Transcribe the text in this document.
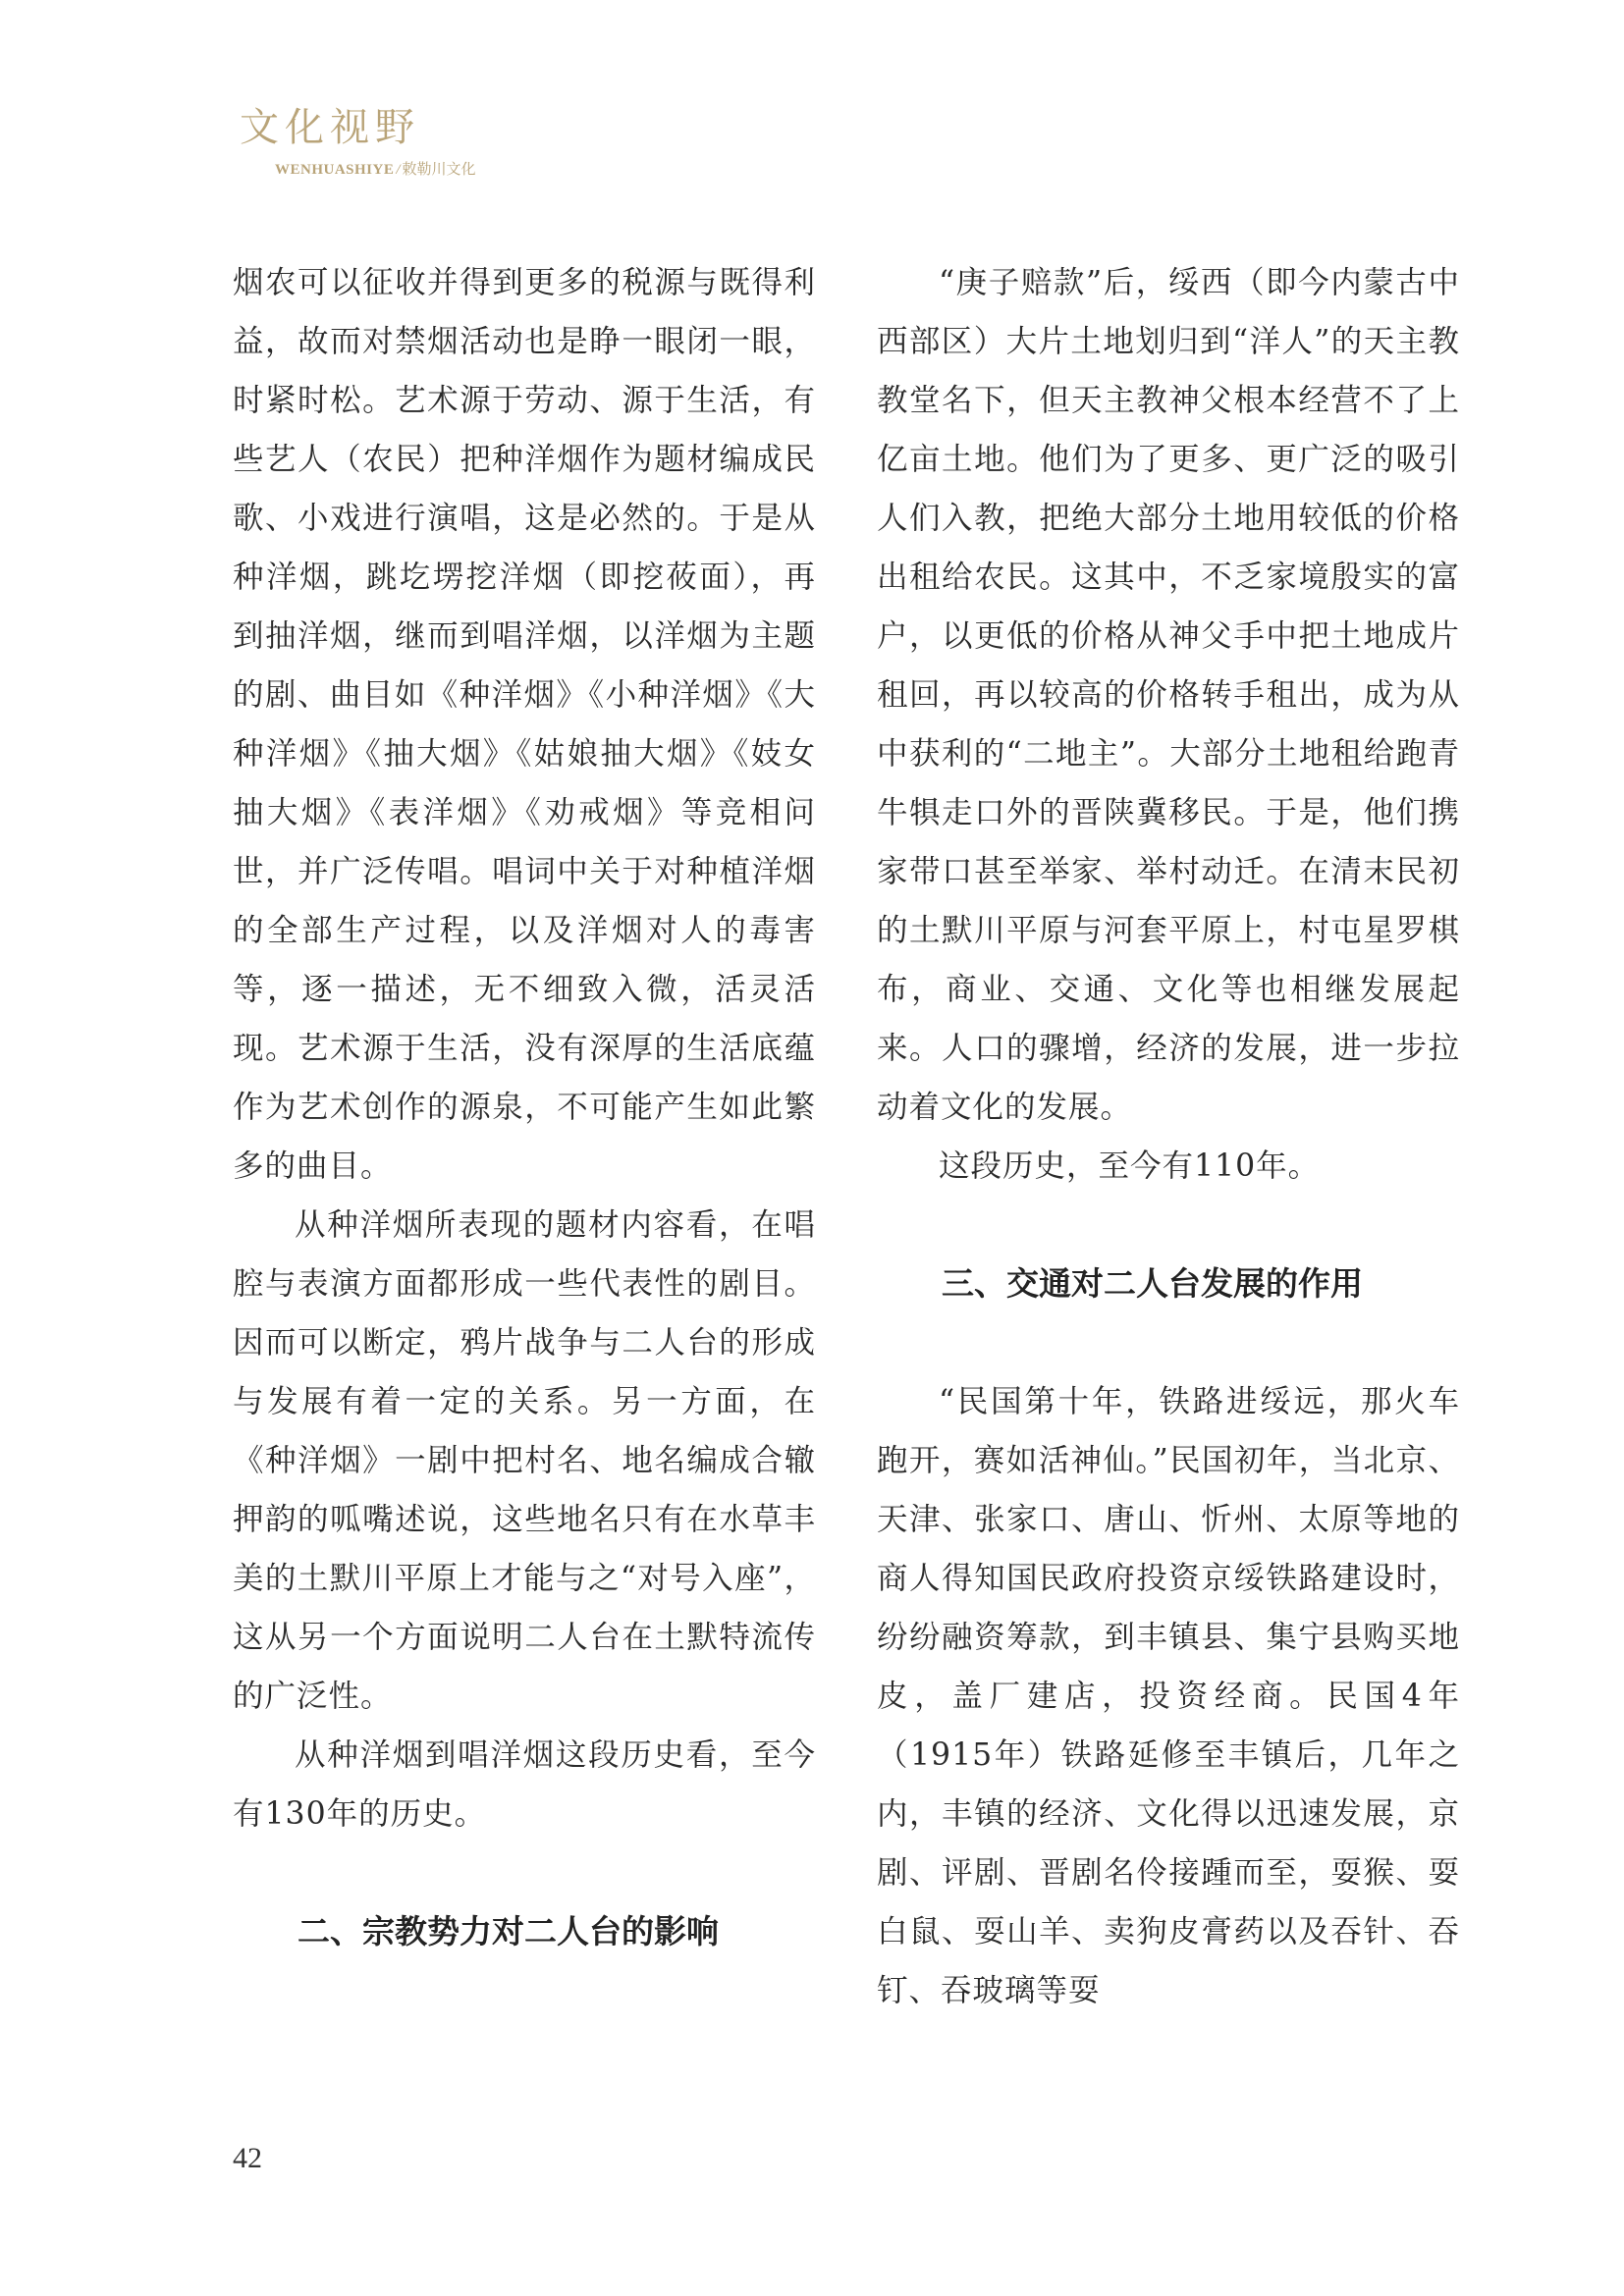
文化视野
WENHUASHIYE / 敕勒川文化

烟农可以征收并得到更多的税源与既得利益，故而对禁烟活动也是睁一眼闭一眼，时紧时松。艺术源于劳动、源于生活，有些艺人（农民）把种洋烟作为题材编成民歌、小戏进行演唱，这是必然的。于是从种洋烟，跳圪塄挖洋烟（即挖莜面），再到抽洋烟，继而到唱洋烟，以洋烟为主题的剧、曲目如《种洋烟》《小种洋烟》《大种洋烟》《抽大烟》《姑娘抽大烟》《妓女抽大烟》《表洋烟》《劝戒烟》等竞相问世，并广泛传唱。唱词中关于对种植洋烟的全部生产过程，以及洋烟对人的毒害等，逐一描述，无不细致入微，活灵活现。艺术源于生活，没有深厚的生活底蕴作为艺术创作的源泉，不可能产生如此繁多的曲目。

从种洋烟所表现的题材内容看，在唱腔与表演方面都形成一些代表性的剧目。因而可以断定，鸦片战争与二人台的形成与发展有着一定的关系。另一方面，在《种洋烟》一剧中把村名、地名编成合辙押韵的呱嘴述说，这些地名只有在水草丰美的土默川平原上才能与之“对号入座”，这从另一个方面说明二人台在土默特流传的广泛性。

从种洋烟到唱洋烟这段历史看，至今有130年的历史。

二、宗教势力对二人台的影响

“庚子赔款”后，绥西（即今内蒙古中西部区）大片土地划归到“洋人”的天主教教堂名下，但天主教神父根本经营不了上亿亩土地。他们为了更多、更广泛的吸引人们入教，把绝大部分土地用较低的价格出租给农民。这其中，不乏家境殷实的富户，以更低的价格从神父手中把土地成片租回，再以较高的价格转手租出，成为从中获利的“二地主”。大部分土地租给跑青牛犋走口外的晋陕冀移民。于是，他们携家带口甚至举家、举村动迁。在清末民初的土默川平原与河套平原上，村屯星罗棋布，商业、交通、文化等也相继发展起来。人口的骤增，经济的发展，进一步拉动着文化的发展。

这段历史，至今有110年。

三、交通对二人台发展的作用

“民国第十年，铁路进绥远，那火车跑开，赛如活神仙。”民国初年，当北京、天津、张家口、唐山、忻州、太原等地的商人得知国民政府投资京绥铁路建设时，纷纷融资筹款，到丰镇县、集宁县购买地皮，盖厂建店，投资经商。民国4年（1915年）铁路延修至丰镇后，几年之内，丰镇的经济、文化得以迅速发展，京剧、评剧、晋剧名伶接踵而至，耍猴、耍白鼠、耍山羊、卖狗皮膏药以及吞针、吞钉、吞玻璃等耍

42
